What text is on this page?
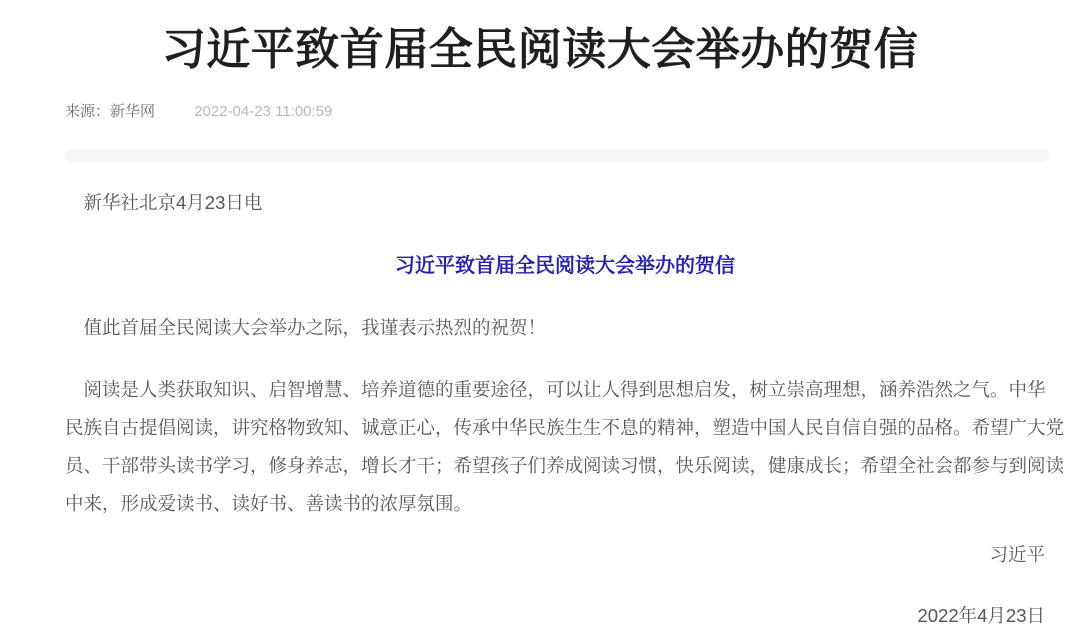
习近平致首届全民阅读大会举办的贺信
来源：新华网	2022-04-23 11:00:59
新华社北京4月23日电
习近平致首届全民阅读大会举办的贺信
值此首届全民阅读大会举办之际，我谨表示热烈的祝贺！
阅读是人类获取知识、启智增慧、培养道德的重要途径，可以让人得到思想启发，树立崇高理想，涵养浩然之气。中华
民族自古提倡阅读，讲究格物致知、诚意正心，传承中华民族生生不息的精神，塑造中国人民自信自强的品格。希望广大党
员、干部带头读书学习，修身养志，增长才干；希望孩子们养成阅读习惯，快乐阅读，健康成长；希望全社会都参与到阅读
中来，形成爱读书、读好书、善读书的浓厚氛围。
习近平
2022年4月23日
